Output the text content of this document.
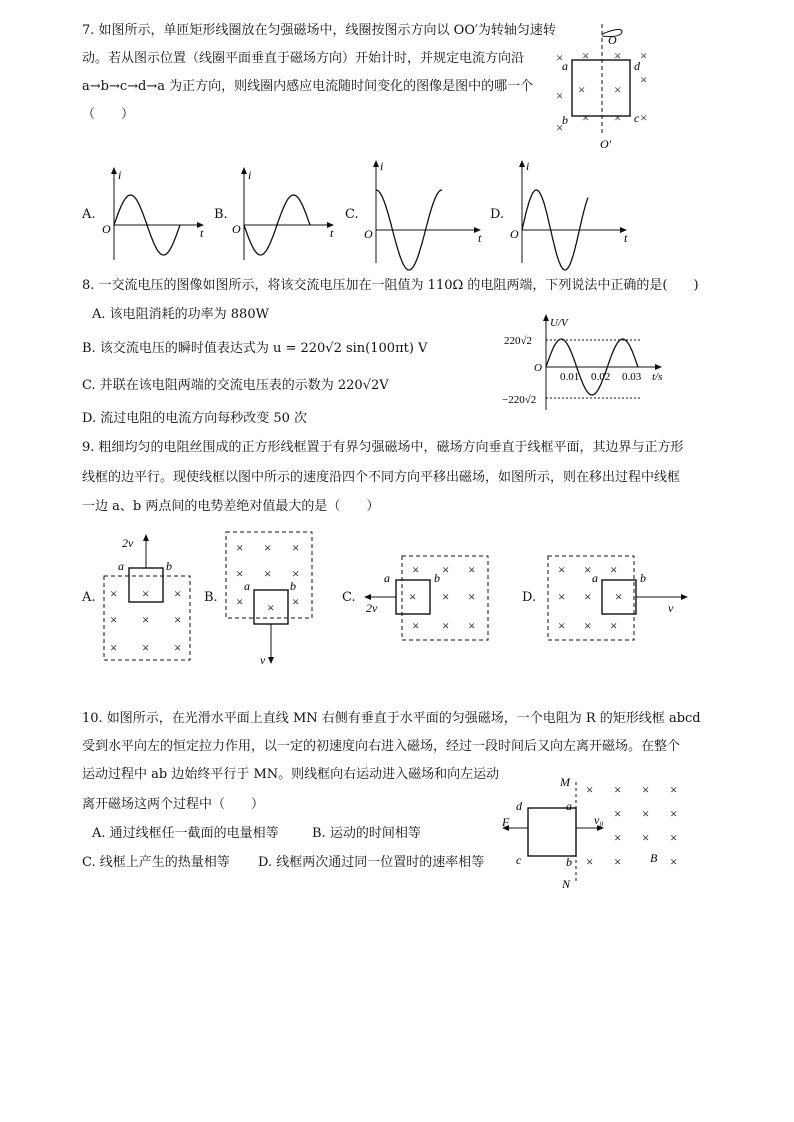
7. 如图所示，单匝矩形线圈放在匀强磁场中，线圈按图示方向以 OO′为转轴匀速转
动。若从图示位置（线圈平面垂直于磁场方向）开始计时，并规定电流方向沿
a→b→c→d→a 为正方向，则线圈内感应电流随时间变化的图像是图中的哪一个
（　　）
O
O′
a
b	c
d
× × × ×
×
× × ×
× × ×
×
A.
i
t
O
B.
i
t
O
C.
i
t
O
D.
i
t
O
8. 一交流电压的图像如图所示，将该交流电压加在一阻值为 110Ω 的电阻两端，下列说法中正确的是(　　)
A. 该电阻消耗的功率为 880W
B. 该交流电压的瞬时值表达式为 u = 220√2 sin(100πt) V
C. 并联在该电阻两端的交流电压表的示数为 220√2V
D. 流过电阻的电流方向每秒改变 50 次
U/V
220√2
−220√2
O
0.01 0.02 0.03 t/s
9. 粗细均匀的电阻丝围成的正方形线框置于有界匀强磁场中，磁场方向垂直于线框平面，其边界与正方形
线框的边平行。现使线框以图中所示的速度沿四个不同方向平移出磁场，如图所示，则在移出过程中线框
一边 a、b 两点间的电势差绝对值最大的是（　　）
A.
2v
a	b
× × ×
× × ×
× × ×
B.
v
a	b
× × ×
× × ×
× × ×	C.
2v
a	b
× × ×
× × ×
× × ×
D.
v
a	b
× × ×
× × ×
× × ×
10. 如图所示，在光滑水平面上直线 MN 右侧有垂直于水平面的匀强磁场，一个电阻为 R 的矩形线框 abcd
受到水平向左的恒定拉力作用，以一定的初速度向右进入磁场，经过一段时间后又向左离开磁场。在整个
运动过程中 ab 边始终平行于 MN。则线框向右运动进入磁场和向左运动
离开磁场这两个过程中（　　）
A. 通过线框任一截面的电量相等	B. 运动的时间相等
C. 线框上产生的热量相等 D. 线框两次通过同一位置时的速率相等
M
N
a
b
c
d
F	v₀
B
× × × ×
× × ×
× × ×
× ×	×
